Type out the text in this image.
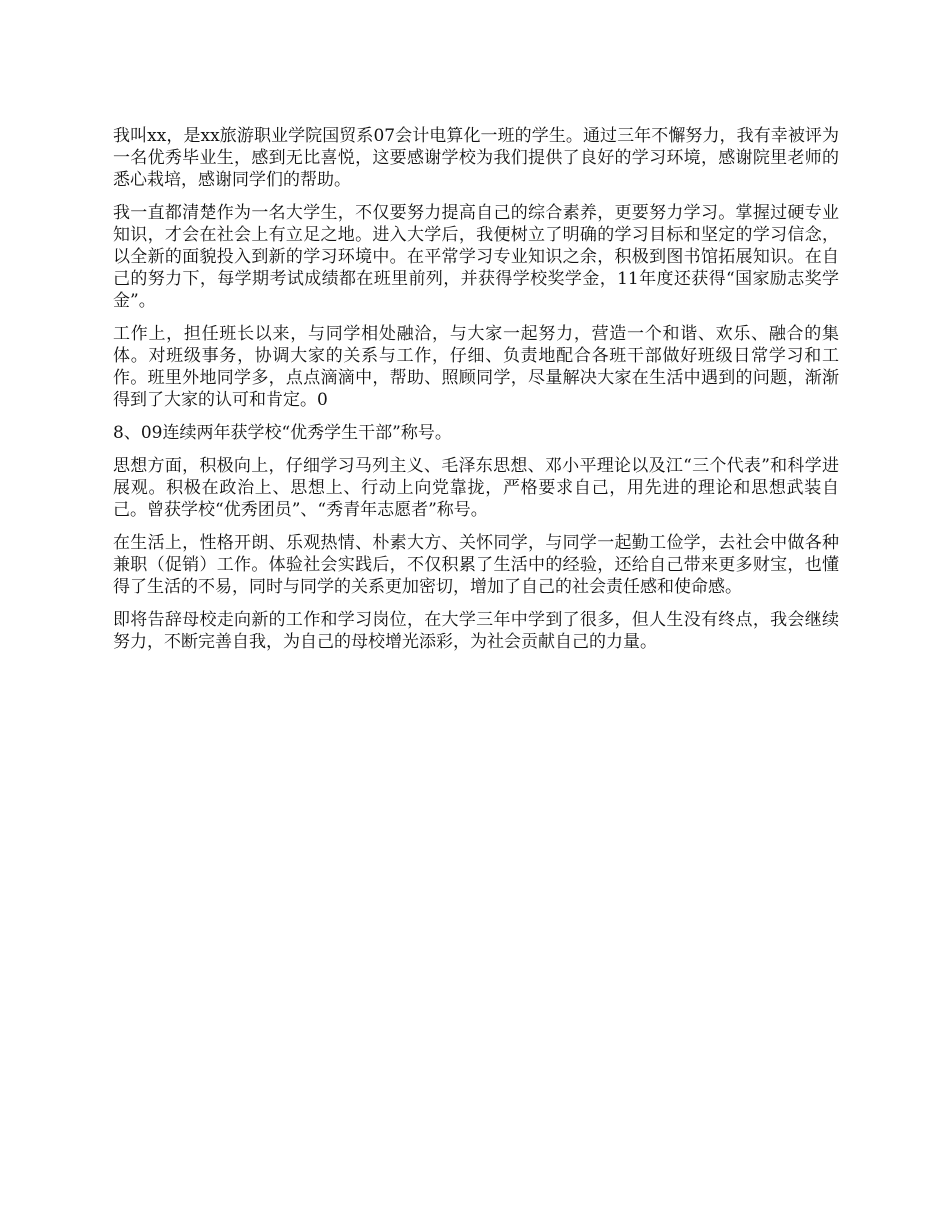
我叫xx，是xx旅游职业学院国贸系07会计电算化一班的学生。通过三年不懈努力，我有幸被评为一名优秀毕业生，感到无比喜悦，这要感谢学校为我们提供了良好的学习环境，感谢院里老师的悉心栽培，感谢同学们的帮助。

我一直都清楚作为一名大学生，不仅要努力提高自己的综合素养，更要努力学习。掌握过硬专业知识，才会在社会上有立足之地。进入大学后，我便树立了明确的学习目标和坚定的学习信念，以全新的面貌投入到新的学习环境中。在平常学习专业知识之余，积极到图书馆拓展知识。在自己的努力下，每学期考试成绩都在班里前列，并获得学校奖学金，11年度还获得“国家励志奖学金”。

工作上，担任班长以来，与同学相处融洽，与大家一起努力，营造一个和谐、欢乐、融合的集体。对班级事务，协调大家的关系与工作，仔细、负责地配合各班干部做好班级日常学习和工作。班里外地同学多，点点滴滴中，帮助、照顾同学，尽量解决大家在生活中遇到的问题，渐渐得到了大家的认可和肯定。0

8、09连续两年获学校“优秀学生干部”称号。

思想方面，积极向上，仔细学习马列主义、毛泽东思想、邓小平理论以及江“三个代表”和科学进展观。积极在政治上、思想上、行动上向党靠拢，严格要求自己，用先进的理论和思想武装自己。曾获学校“优秀团员”、“秀青年志愿者”称号。

在生活上，性格开朗、乐观热情、朴素大方、关怀同学，与同学一起勤工俭学，去社会中做各种兼职（促销）工作。体验社会实践后，不仅积累了生活中的经验，还给自己带来更多财宝，也懂得了生活的不易，同时与同学的关系更加密切，增加了自己的社会责任感和使命感。

即将告辞母校走向新的工作和学习岗位，在大学三年中学到了很多，但人生没有终点，我会继续努力，不断完善自我，为自己的母校增光添彩，为社会贡献自己的力量。
